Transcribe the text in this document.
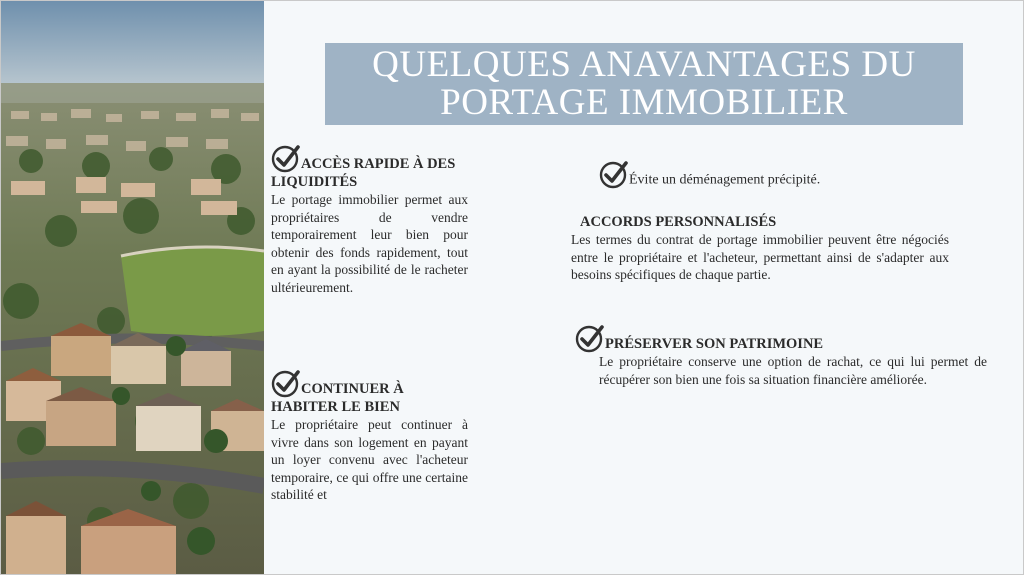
QUELQUES ANAVANTAGES DU PORTAGE IMMOBILIER
ACCÈS RAPIDE À DES LIQUIDITÉS
Le portage immobilier permet aux propriétaires de vendre temporairement leur bien pour obtenir des fonds rapidement, tout en ayant la possibilité de le racheter ultérieurement.
CONTINUER À HABITER LE BIEN
Le propriétaire peut continuer à vivre dans son logement en payant un loyer convenu avec l'acheteur temporaire, ce qui offre une certaine stabilité et
Évite un déménagement précipité.
ACCORDS PERSONNALISÉS
Les termes du contrat de portage immobilier peuvent être négociés entre le propriétaire et l'acheteur, permettant ainsi de s'adapter aux besoins spécifiques de chaque partie.
PRÉSERVER SON PATRIMOINE
Le propriétaire conserve une option de rachat, ce qui lui permet de récupérer son bien une fois sa situation financière améliorée.
